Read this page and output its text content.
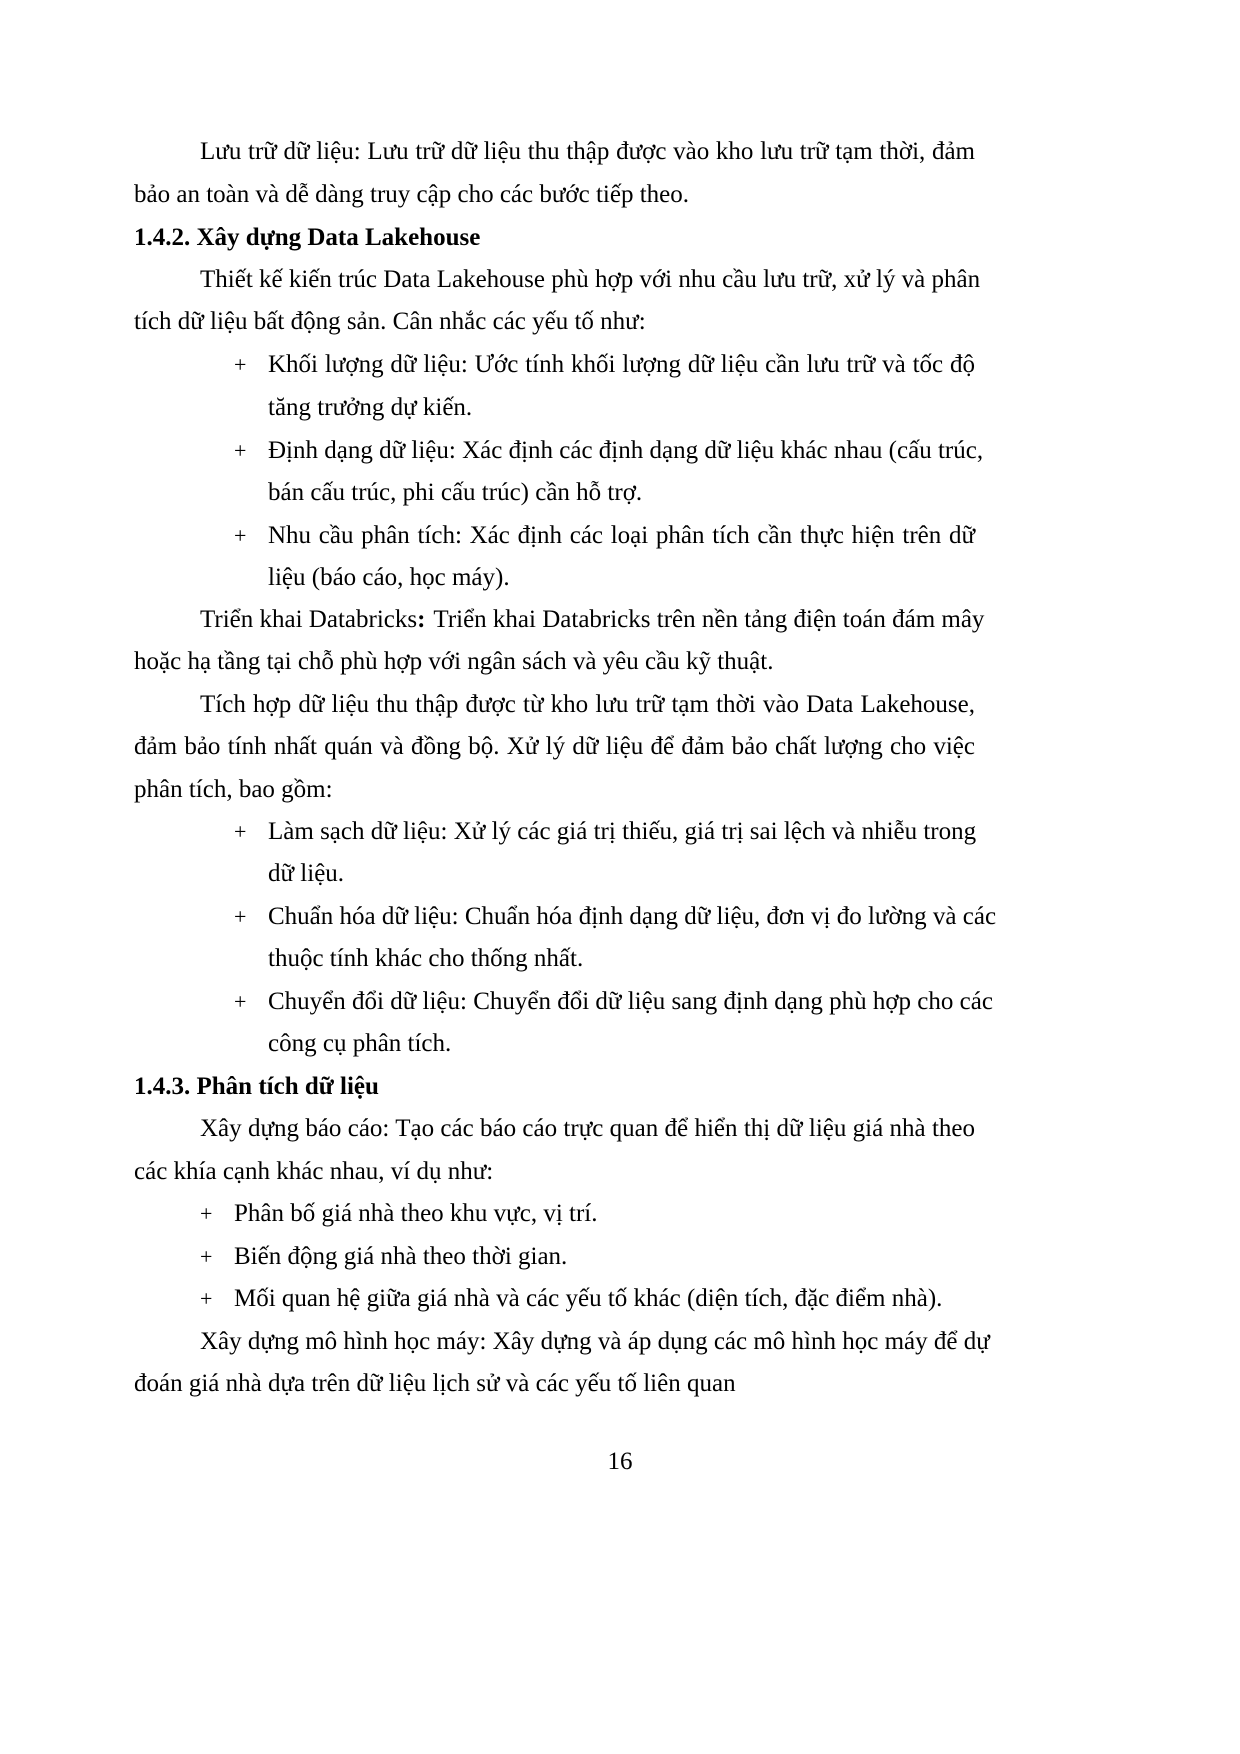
Lưu trữ dữ liệu: Lưu trữ dữ liệu thu thập được vào kho lưu trữ tạm thời, đảm
bảo an toàn và dễ dàng truy cập cho các bước tiếp theo.
1.4.2. Xây dựng Data Lakehouse
Thiết kế kiến trúc Data Lakehouse phù hợp với nhu cầu lưu trữ, xử lý và phân
tích dữ liệu bất động sản. Cân nhắc các yếu tố như:
+ Khối lượng dữ liệu: Ước tính khối lượng dữ liệu cần lưu trữ và tốc độ
tăng trưởng dự kiến.
+ Định dạng dữ liệu: Xác định các định dạng dữ liệu khác nhau (cấu trúc,
bán cấu trúc, phi cấu trúc) cần hỗ trợ.
+ Nhu cầu phân tích: Xác định các loại phân tích cần thực hiện trên dữ
liệu (báo cáo, học máy).
Triển khai Databricks: Triển khai Databricks trên nền tảng điện toán đám mây
hoặc hạ tầng tại chỗ phù hợp với ngân sách và yêu cầu kỹ thuật.
Tích hợp dữ liệu thu thập được từ kho lưu trữ tạm thời vào Data Lakehouse,
đảm bảo tính nhất quán và đồng bộ. Xử lý dữ liệu để đảm bảo chất lượng cho việc
phân tích, bao gồm:
+ Làm sạch dữ liệu: Xử lý các giá trị thiếu, giá trị sai lệch và nhiễu trong
dữ liệu.
+ Chuẩn hóa dữ liệu: Chuẩn hóa định dạng dữ liệu, đơn vị đo lường và các
thuộc tính khác cho thống nhất.
+ Chuyển đổi dữ liệu: Chuyển đổi dữ liệu sang định dạng phù hợp cho các
công cụ phân tích.
1.4.3. Phân tích dữ liệu
Xây dựng báo cáo: Tạo các báo cáo trực quan để hiển thị dữ liệu giá nhà theo
các khía cạnh khác nhau, ví dụ như:
+ Phân bố giá nhà theo khu vực, vị trí.
+ Biến động giá nhà theo thời gian.
+ Mối quan hệ giữa giá nhà và các yếu tố khác (diện tích, đặc điểm nhà).
Xây dựng mô hình học máy: Xây dựng và áp dụng các mô hình học máy để dự
đoán giá nhà dựa trên dữ liệu lịch sử và các yếu tố liên quan
16
